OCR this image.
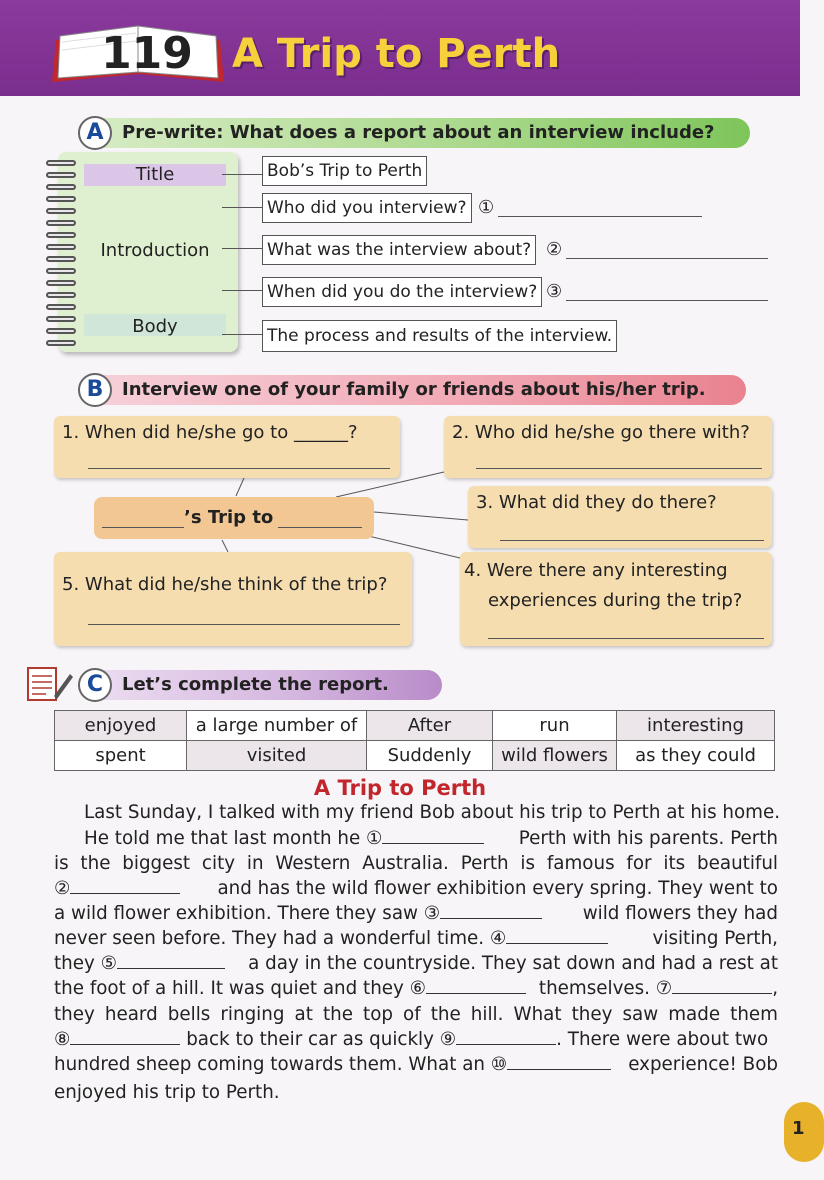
119 A Trip to Perth
A	Pre-write: What does a report about an interview include?
Title
Introduction
Body
Bob’s Trip to Perth
Who did you interview? ①
What was the interview about? ②
When did you do the interview? ③
The process and results of the interview.
B	Interview one of your family or friends about his/her trip.
1. When did he/she go to ______?	2. Who did he/she go there with?
’s Trip to
3. What did they do there?
5. What did he/she think of the trip?
4. Were there any interesting
experiences during the trip?
C	Let’s complete the report.
enjoyed	a large number of	After	run	interesting
spent	visited	Suddenly	wild flowers	as they could
A Trip to Perth
Last Sunday, I talked with my friend Bob about his trip to Perth at his home.
He told me that last month he ①	Perth with his parents. Perth
is the biggest city in Western Australia. Perth is famous for its beautiful
②	and has the wild flower exhibition every spring. They went to
a wild flower exhibition. There they saw ③	wild flowers they had
never seen before. They had a wonderful time. ④	visiting Perth,
they ⑤	a day in the countryside. They sat down and had a rest at
the foot of a hill. It was quiet and they ⑥	themselves. ⑦	,
they heard bells ringing at the top of the hill. What they saw made them
⑧	back to their car as quickly ⑨	. There were about two
hundred sheep coming towards them. What an ⑩	experience! Bob
enjoyed his trip to Perth.
1
